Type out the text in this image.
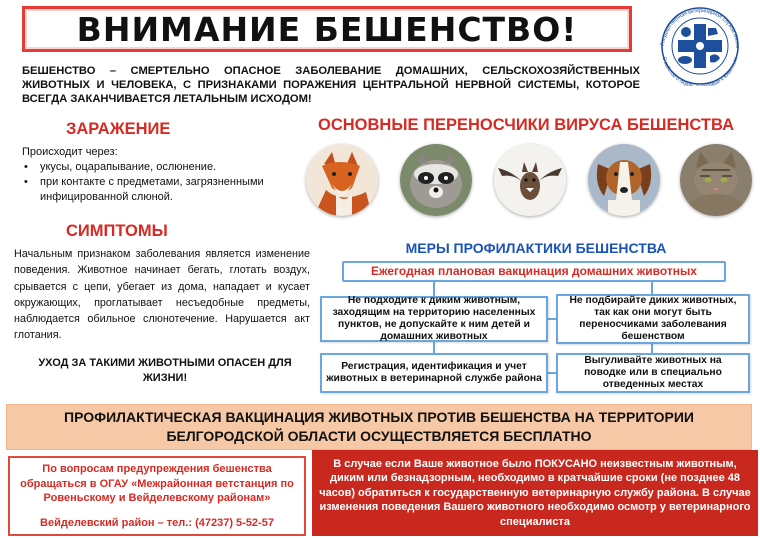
ВНИМАНИЕ БЕШЕНСТВО!	Государственная ветеринарная служба Белго
С заботой о людя овью к животным
БЕШЕНСТВО – СМЕРТЕЛЬНО ОПАСНОЕ ЗАБОЛЕВАНИЕ ДОМАШНИХ, СЕЛЬСКОХОЗЯЙСТВЕННЫХ ЖИВОТНЫХ И ЧЕЛОВЕКА, С ПРИЗНАКАМИ ПОРАЖЕНИЯ ЦЕНТРАЛЬНОЙ НЕРВНОЙ СИСТЕМЫ, КОТОРОЕ ВСЕГДА ЗАКАНЧИВАЕТСЯ ЛЕТАЛЬНЫМ ИСХОДОМ!
ЗАРАЖЕНИЕ
Происходит через:
• укусы, оцарапывание, ослюнение.
• при контакте с предметами, загрязненными инфицированной слюной.
ОСНОВНЫЕ ПЕРЕНОСЧИКИ ВИРУСА БЕШЕНСТВА
СИМПТОМЫ
Начальным признаком заболевания является изменение поведения. Животное начинает бегать, глотать воздух, срывается с цепи, убегает из дома, нападает и кусает окружающих, проглатывает несъедобные предметы, наблюдается обильное слюнотечение. Нарушается акт глотания.
УХОД ЗА ТАКИМИ ЖИВОТНЫМИ ОПАСЕН ДЛЯ ЖИЗНИ!
МЕРЫ ПРОФИЛАКТИКИ БЕШЕНСТВА
Ежегодная плановая вакцинация домашних животных
Не подходите к диким животным, заходящим на территорию населенных пунктов, не допускайте к ним детей и домашних животных
Не подбирайте диких животных, так как они могут быть переносчиками заболевания бешенством
Регистрация, идентификация и учет животных в ветеринарной службе района
Выгуливайте животных на поводке или в специально отведенных местах
ПРОФИЛАКТИЧЕСКАЯ ВАКЦИНАЦИЯ ЖИВОТНЫХ ПРОТИВ БЕШЕНСТВА НА ТЕРРИТОРИИ
БЕЛГОРОДСКОЙ ОБЛАСТИ ОСУЩЕСТВЛЯЕТСЯ БЕСПЛАТНО
По вопросам предупреждения бешенства обращаться в ОГАУ «Межрайонная ветстанция по Ровеньскому и Вейделевскому районам»
Вейделевский район – тел.: (47237) 5-52-57
В случае если Ваше животное было ПОКУСАНО неизвестным животным, диким или безнадзорным, необходимо в кратчайшие сроки (не позднее 48 часов) обратиться к государственную ветеринарную службу района. В случае изменения поведения Вашего животного необходимо осмотр у ветеринарного специалиста
